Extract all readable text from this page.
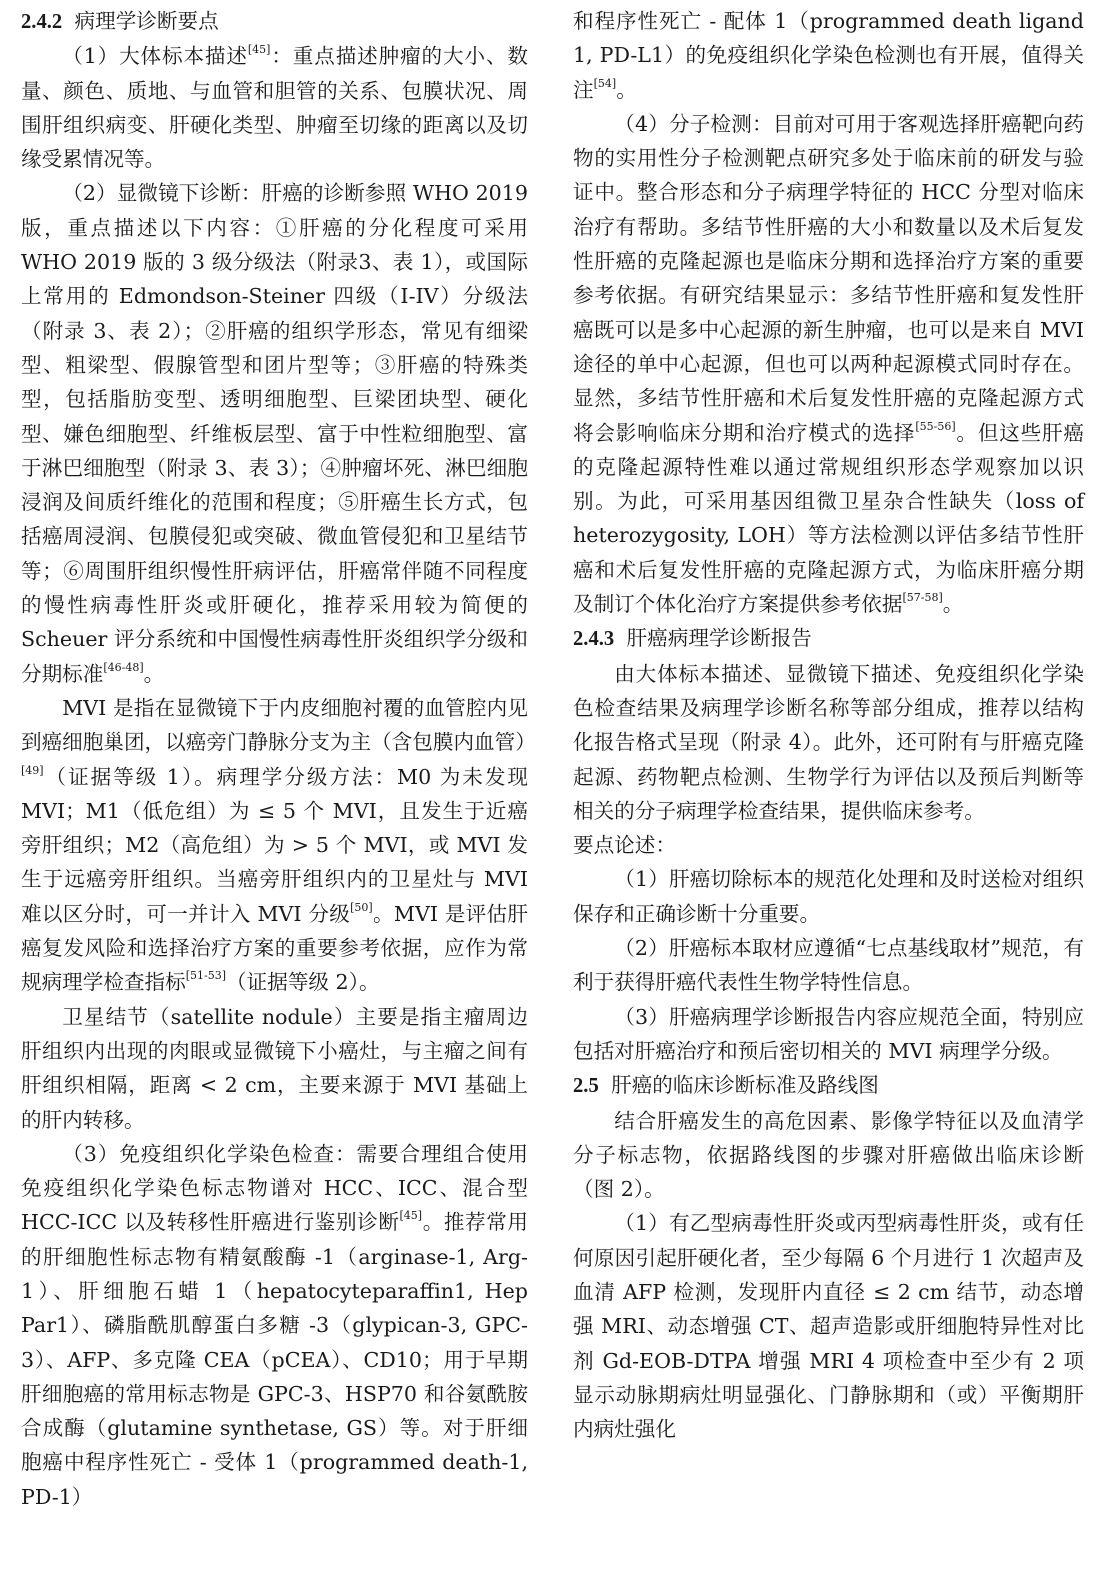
2.4.2 病理学诊断要点

（1）大体标本描述[45]：重点描述肿瘤的大小、数量、颜色、质地、与血管和胆管的关系、包膜状况、周围肝组织病变、肝硬化类型、肿瘤至切缘的距离以及切缘受累情况等。

（2）显微镜下诊断：肝癌的诊断参照 WHO 2019 版，重点描述以下内容：①肝癌的分化程度可采用 WHO 2019 版的 3 级分级法（附录3、表 1），或国际上常用的 Edmondson-Steiner 四级（I-IV）分级法（附录 3、表 2）；②肝癌的组织学形态，常见有细梁型、粗梁型、假腺管型和团片型等；③肝癌的特殊类型，包括脂肪变型、透明细胞型、巨梁团块型、硬化型、嫌色细胞型、纤维板层型、富于中性粒细胞型、富于淋巴细胞型（附录 3、表 3）；④肿瘤坏死、淋巴细胞浸润及间质纤维化的范围和程度；⑤肝癌生长方式，包括癌周浸润、包膜侵犯或突破、微血管侵犯和卫星结节等；⑥周围肝组织慢性肝病评估，肝癌常伴随不同程度的慢性病毒性肝炎或肝硬化，推荐采用较为简便的 Scheuer 评分系统和中国慢性病毒性肝炎组织学分级和分期标准[46-48]。

MVI 是指在显微镜下于内皮细胞衬覆的血管腔内见到癌细胞巢团，以癌旁门静脉分支为主（含包膜内血管）[49]（证据等级 1）。病理学分级方法：M0 为未发现 MVI；M1（低危组）为 ≤ 5 个 MVI，且发生于近癌旁肝组织；M2（高危组）为 > 5 个 MVI，或 MVI 发生于远癌旁肝组织。当癌旁肝组织内的卫星灶与 MVI 难以区分时，可一并计入 MVI 分级[50]。MVI 是评估肝癌复发风险和选择治疗方案的重要参考依据，应作为常规病理学检查指标[51-53]（证据等级 2）。

卫星结节（satellite nodule）主要是指主瘤周边肝组织内出现的肉眼或显微镜下小癌灶，与主瘤之间有肝组织相隔，距离 < 2 cm，主要来源于 MVI 基础上的肝内转移。

（3）免疫组织化学染色检查：需要合理组合使用免疫组织化学染色标志物谱对 HCC、ICC、混合型 HCC-ICC 以及转移性肝癌进行鉴别诊断[45]。推荐常用的肝细胞性标志物有精氨酸酶 -1（arginase-1, Arg-1）、肝细胞石蜡 1（hepatocyteparaffin1, Hep Par1）、磷脂酰肌醇蛋白多糖 -3（glypican-3, GPC-3）、AFP、多克隆 CEA（pCEA）、CD10；用于早期肝细胞癌的常用标志物是 GPC-3、HSP70 和谷氨酰胺合成酶（glutamine synthetase, GS）等。对于肝细胞癌中程序性死亡 - 受体 1（programmed death-1, PD-1）

和程序性死亡 - 配体 1（programmed death ligand 1, PD-L1）的免疫组织化学染色检测也有开展，值得关注[54]。

（4）分子检测：目前对可用于客观选择肝癌靶向药物的实用性分子检测靶点研究多处于临床前的研发与验证中。整合形态和分子病理学特征的 HCC 分型对临床治疗有帮助。多结节性肝癌的大小和数量以及术后复发性肝癌的克隆起源也是临床分期和选择治疗方案的重要参考依据。有研究结果显示：多结节性肝癌和复发性肝癌既可以是多中心起源的新生肿瘤，也可以是来自 MVI 途径的单中心起源，但也可以两种起源模式同时存在。显然，多结节性肝癌和术后复发性肝癌的克隆起源方式将会影响临床分期和治疗模式的选择[55-56]。但这些肝癌的克隆起源特性难以通过常规组织形态学观察加以识别。为此，可采用基因组微卫星杂合性缺失（loss of heterozygosity, LOH）等方法检测以评估多结节性肝癌和术后复发性肝癌的克隆起源方式，为临床肝癌分期及制订个体化治疗方案提供参考依据[57-58]。

2.4.3 肝癌病理学诊断报告

由大体标本描述、显微镜下描述、免疫组织化学染色检查结果及病理学诊断名称等部分组成，推荐以结构化报告格式呈现（附录 4）。此外，还可附有与肝癌克隆起源、药物靶点检测、生物学行为评估以及预后判断等相关的分子病理学检查结果，提供临床参考。

要点论述：

（1）肝癌切除标本的规范化处理和及时送检对组织保存和正确诊断十分重要。

（2）肝癌标本取材应遵循“七点基线取材”规范，有利于获得肝癌代表性生物学特性信息。

（3）肝癌病理学诊断报告内容应规范全面，特别应包括对肝癌治疗和预后密切相关的 MVI 病理学分级。

2.5 肝癌的临床诊断标准及路线图

结合肝癌发生的高危因素、影像学特征以及血清学分子标志物，依据路线图的步骤对肝癌做出临床诊断（图 2）。

（1）有乙型病毒性肝炎或丙型病毒性肝炎，或有任何原因引起肝硬化者，至少每隔 6 个月进行 1 次超声及血清 AFP 检测，发现肝内直径 ≤ 2 cm 结节，动态增强 MRI、动态增强 CT、超声造影或肝细胞特异性对比剂 Gd-EOB-DTPA 增强 MRI 4 项检查中至少有 2 项显示动脉期病灶明显强化、门静脉期和（或）平衡期肝内病灶强化
